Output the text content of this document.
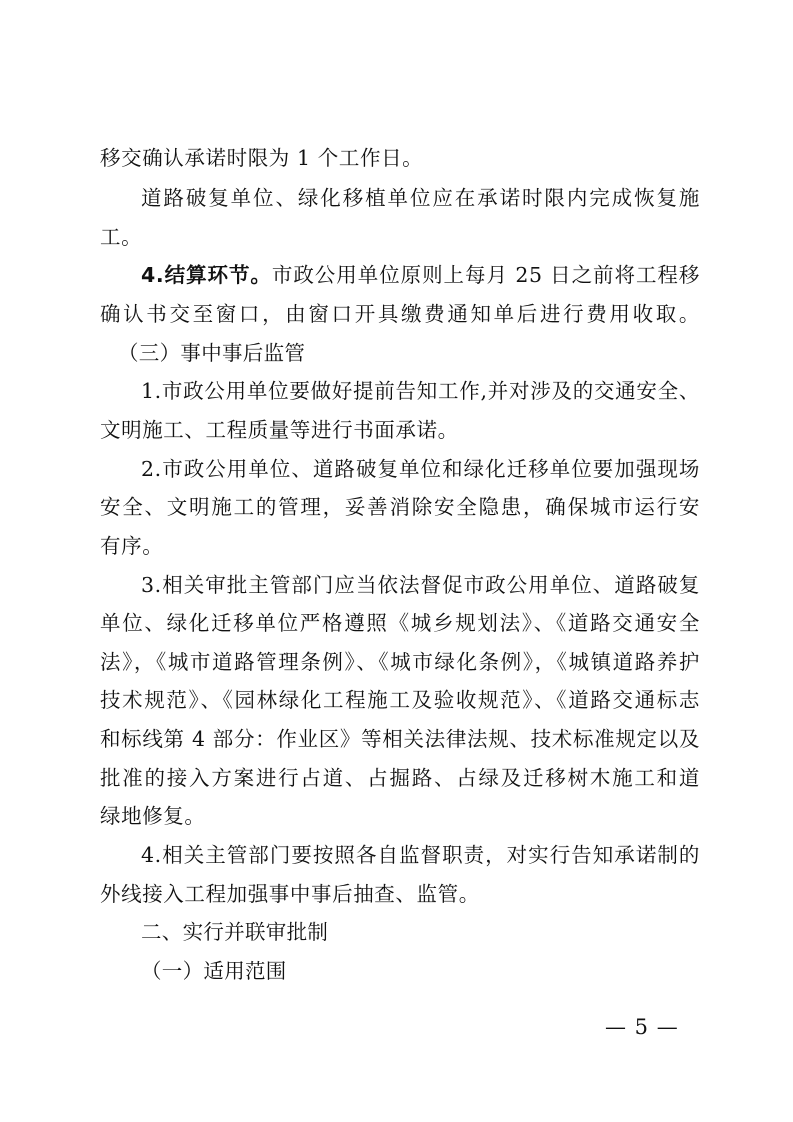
移交确认承诺时限为 1 个工作日。
道路破复单位、绿化移植单位应在承诺时限内完成恢复施
工。
4.结算环节。市政公用单位原则上每月 25 日之前将工程移
确认书交至窗口，由窗口开具缴费通知单后进行费用收取。
（三）事中事后监管
1.市政公用单位要做好提前告知工作,并对涉及的交通安全、
文明施工、工程质量等进行书面承诺。
2.市政公用单位、道路破复单位和绿化迁移单位要加强现场
安全、文明施工的管理，妥善消除安全隐患，确保城市运行安
有序。
3.相关审批主管部门应当依法督促市政公用单位、道路破复
单位、绿化迁移单位严格遵照《城乡规划法》、《道路交通安全
法》，《城市道路管理条例》、《城市绿化条例》，《城镇道路养护
技术规范》、《园林绿化工程施工及验收规范》、《道路交通标志
和标线第 4 部分：作业区》等相关法律法规、技术标准规定以及
批准的接入方案进行占道、占掘路、占绿及迁移树木施工和道
绿地修复。
4.相关主管部门要按照各自监督职责，对实行告知承诺制的
外线接入工程加强事中事后抽查、监管。
二、实行并联审批制
（一）适用范围
— 5 —
